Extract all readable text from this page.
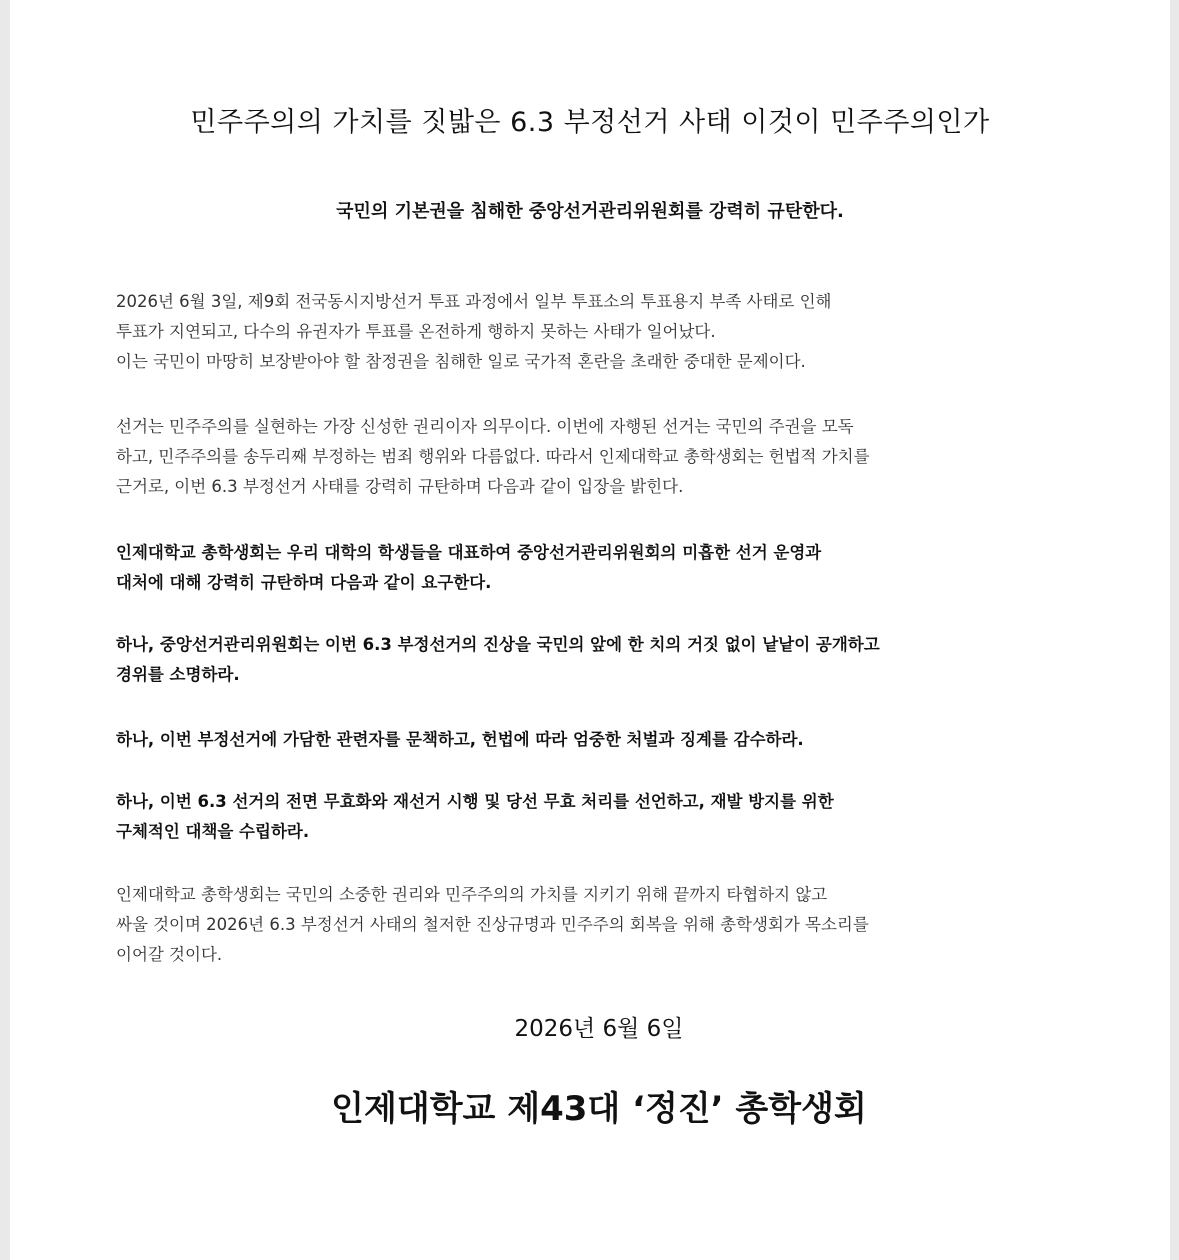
민주주의의 가치를 짓밟은 6.3 부정선거 사태 이것이 민주주의인가
국민의 기본권을 침해한 중앙선거관리위원회를 강력히 규탄한다.

2026년 6월 3일, 제9회 전국동시지방선거 투표 과정에서 일부 투표소의 투표용지 부족 사태로 인해
투표가 지연되고, 다수의 유권자가 투표를 온전하게 행하지 못하는 사태가 일어났다.
이는 국민이 마땅히 보장받아야 할 참정권을 침해한 일로 국가적 혼란을 초래한 중대한 문제이다.

선거는 민주주의를 실현하는 가장 신성한 권리이자 의무이다. 이번에 자행된 선거는 국민의 주권을 모독
하고, 민주주의를 송두리째 부정하는 범죄 행위와 다름없다. 따라서 인제대학교 총학생회는 헌법적 가치를
근거로, 이번 6.3 부정선거 사태를 강력히 규탄하며 다음과 같이 입장을 밝힌다.

인제대학교 총학생회는 우리 대학의 학생들을 대표하여 중앙선거관리위원회의 미흡한 선거 운영과
대처에 대해 강력히 규탄하며 다음과 같이 요구한다.

하나, 중앙선거관리위원회는 이번 6.3 부정선거의 진상을 국민의 앞에 한 치의 거짓 없이 낱낱이 공개하고
경위를 소명하라.

하나, 이번 부정선거에 가담한 관련자를 문책하고, 헌법에 따라 엄중한 처벌과 징계를 감수하라.

하나, 이번 6.3 선거의 전면 무효화와 재선거 시행 및 당선 무효 처리를 선언하고, 재발 방지를 위한
구체적인 대책을 수립하라.

인제대학교 총학생회는 국민의 소중한 권리와 민주주의의 가치를 지키기 위해 끝까지 타협하지 않고
싸울 것이며 2026년 6.3 부정선거 사태의 철저한 진상규명과 민주주의 회복을 위해 총학생회가 목소리를
이어갈 것이다.

2026년 6월 6일
인제대학교 제43대 ‘정진’ 총학생회
